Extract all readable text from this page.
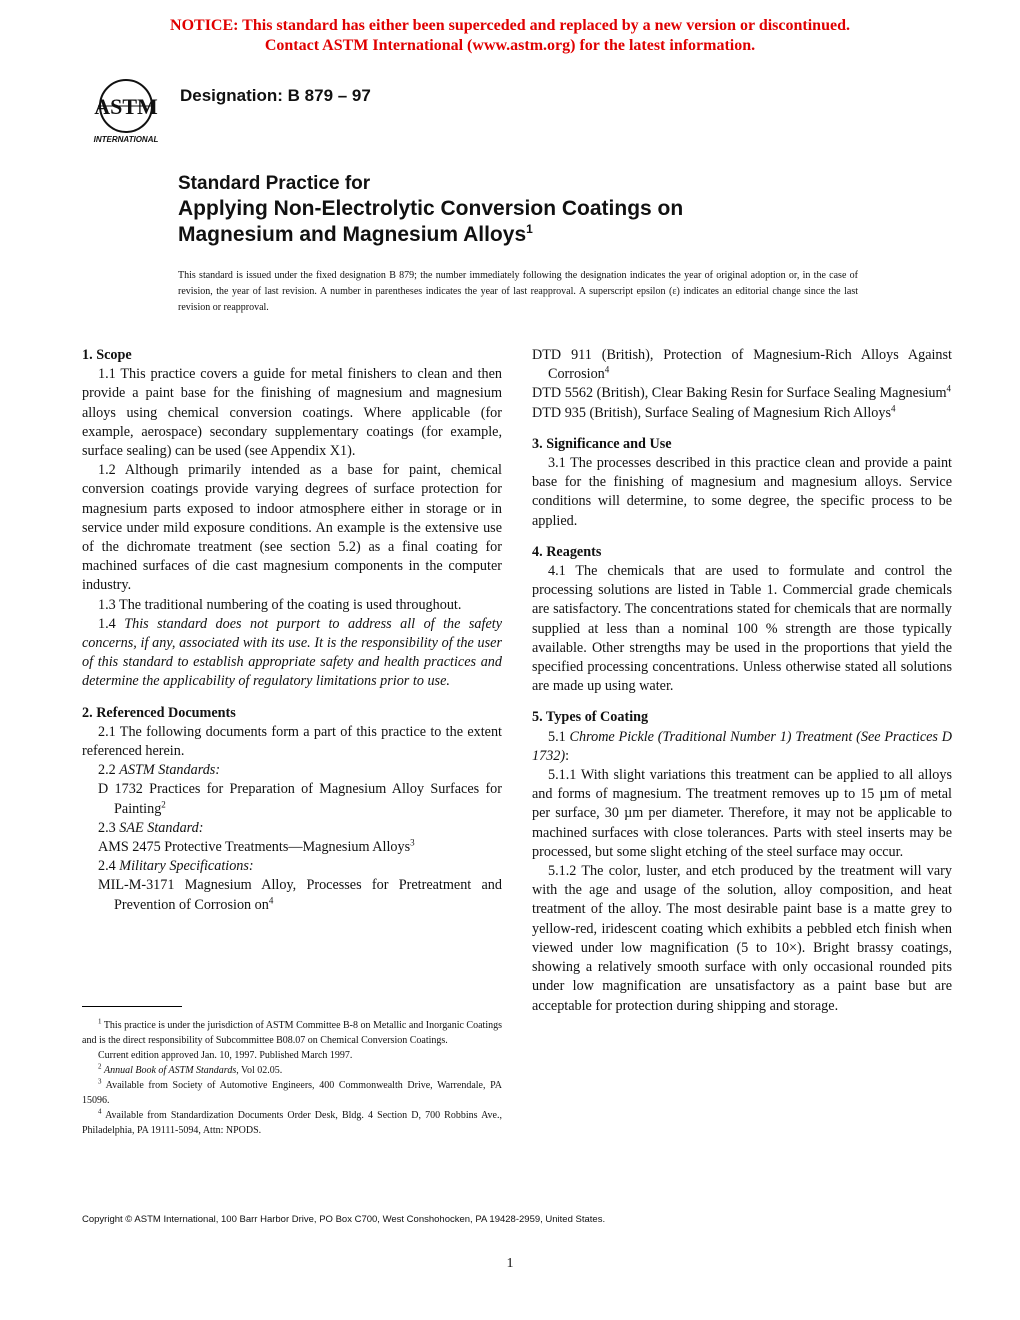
NOTICE: This standard has either been superceded and replaced by a new version or discontinued.
Contact ASTM International (www.astm.org) for the latest information.
ASTM
INTERNATIONAL
Designation: B 879 – 97
Standard Practice for
Applying Non-Electrolytic Conversion Coatings on
Magnesium and Magnesium Alloys$^1$
This standard is issued under the fixed designation B 879; the number immediately following the designation indicates the year of original adoption or, in the case of revision, the year of last revision. A number in parentheses indicates the year of last reapproval. A superscript epsilon (ε) indicates an editorial change since the last revision or reapproval.

1. Scope

1.1 This practice covers a guide for metal finishers to clean and then provide a paint base for the finishing of magnesium and magnesium alloys using chemical conversion coatings. Where applicable (for example, aerospace) secondary supplementary coatings (for example, surface sealing) can be used (see Appendix X1).

1.2 Although primarily intended as a base for paint, chemical conversion coatings provide varying degrees of surface protection for magnesium parts exposed to indoor atmosphere either in storage or in service under mild exposure conditions. An example is the extensive use of the dichromate treatment (see section 5.2) as a final coating for machined surfaces of die cast magnesium components in the computer industry.

1.3 The traditional numbering of the coating is used throughout.

1.4 This standard does not purport to address all of the safety concerns, if any, associated with its use. It is the responsibility of the user of this standard to establish appropriate safety and health practices and determine the applicability of regulatory limitations prior to use.

2. Referenced Documents

2.1 The following documents form a part of this practice to the extent referenced herein.

2.2 ASTM Standards:

D 1732 Practices for Preparation of Magnesium Alloy Surfaces for Painting$^2$

2.3 SAE Standard:

AMS 2475 Protective Treatments—Magnesium Alloys$^3$

2.4 Military Specifications:

MIL-M-3171 Magnesium Alloy, Processes for Pretreatment and Prevention of Corrosion $on^4$

$^1$ This practice is under the jurisdiction of ASTM Committee B-8 on Metallic and Inorganic Coatings and is the direct responsibility of Subcommittee B08.07 on Chemical Conversion Coatings.

Current edition approved Jan. 10, 1997. Published March 1997.

$^2$ Annual Book of ASTM Standards, Vol 02.05.

$^3$ Available from Society of Automotive Engineers, 400 Commonwealth Drive, Warrendale, PA 15096.

$^4$ Available from Standardization Documents Order Desk, Bldg. 4 Section D, 700 Robbins Ave., Philadelphia, PA 19111-5094, Attn: NPODS.

DTD 911 (British), Protection of Magnesium-Rich Alloys Against Corrosion$^4$

DTD 5562 (British), Clear Baking Resin for Surface Sealing Magnesium$^4$

DTD 935 (British), Surface Sealing of Magnesium Rich Alloys$^4$

3. Significance and Use

3.1 The processes described in this practice clean and provide a paint base for the finishing of magnesium and magnesium alloys. Service conditions will determine, to some degree, the specific process to be applied.

4. Reagents

4.1 The chemicals that are used to formulate and control the processing solutions are listed in Table 1. Commercial grade chemicals are satisfactory. The concentrations stated for chemicals that are normally supplied at less than a nominal 100 % strength are those typically available. Other strengths may be used in the proportions that yield the specified processing concentrations. Unless otherwise stated all solutions are made up using water.

5. Types of Coating

5.1 Chrome Pickle (Traditional Number 1) Treatment (See Practices D 1732):

5.1.1 With slight variations this treatment can be applied to all alloys and forms of magnesium. The treatment removes up to 15 µm of metal per surface, 30 µm per diameter. Therefore, it may not be applicable to machined surfaces with close tolerances. Parts with steel inserts may be processed, but some slight etching of the steel surface may occur.

5.1.2 The color, luster, and etch produced by the treatment will vary with the age and usage of the solution, alloy composition, and heat treatment of the alloy. The most desirable paint base is a matte grey to yellow-red, iridescent coating which exhibits a pebbled etch finish when viewed under low magnification (5 to 10×). Bright brassy coatings, showing a relatively smooth surface with only occasional rounded pits under low magnification are unsatisfactory as a paint base but are acceptable for protection during shipping and storage.

Copyright © ASTM International, 100 Barr Harbor Drive, PO Box C700, West Conshohocken, PA 19428-2959, United States.
1
